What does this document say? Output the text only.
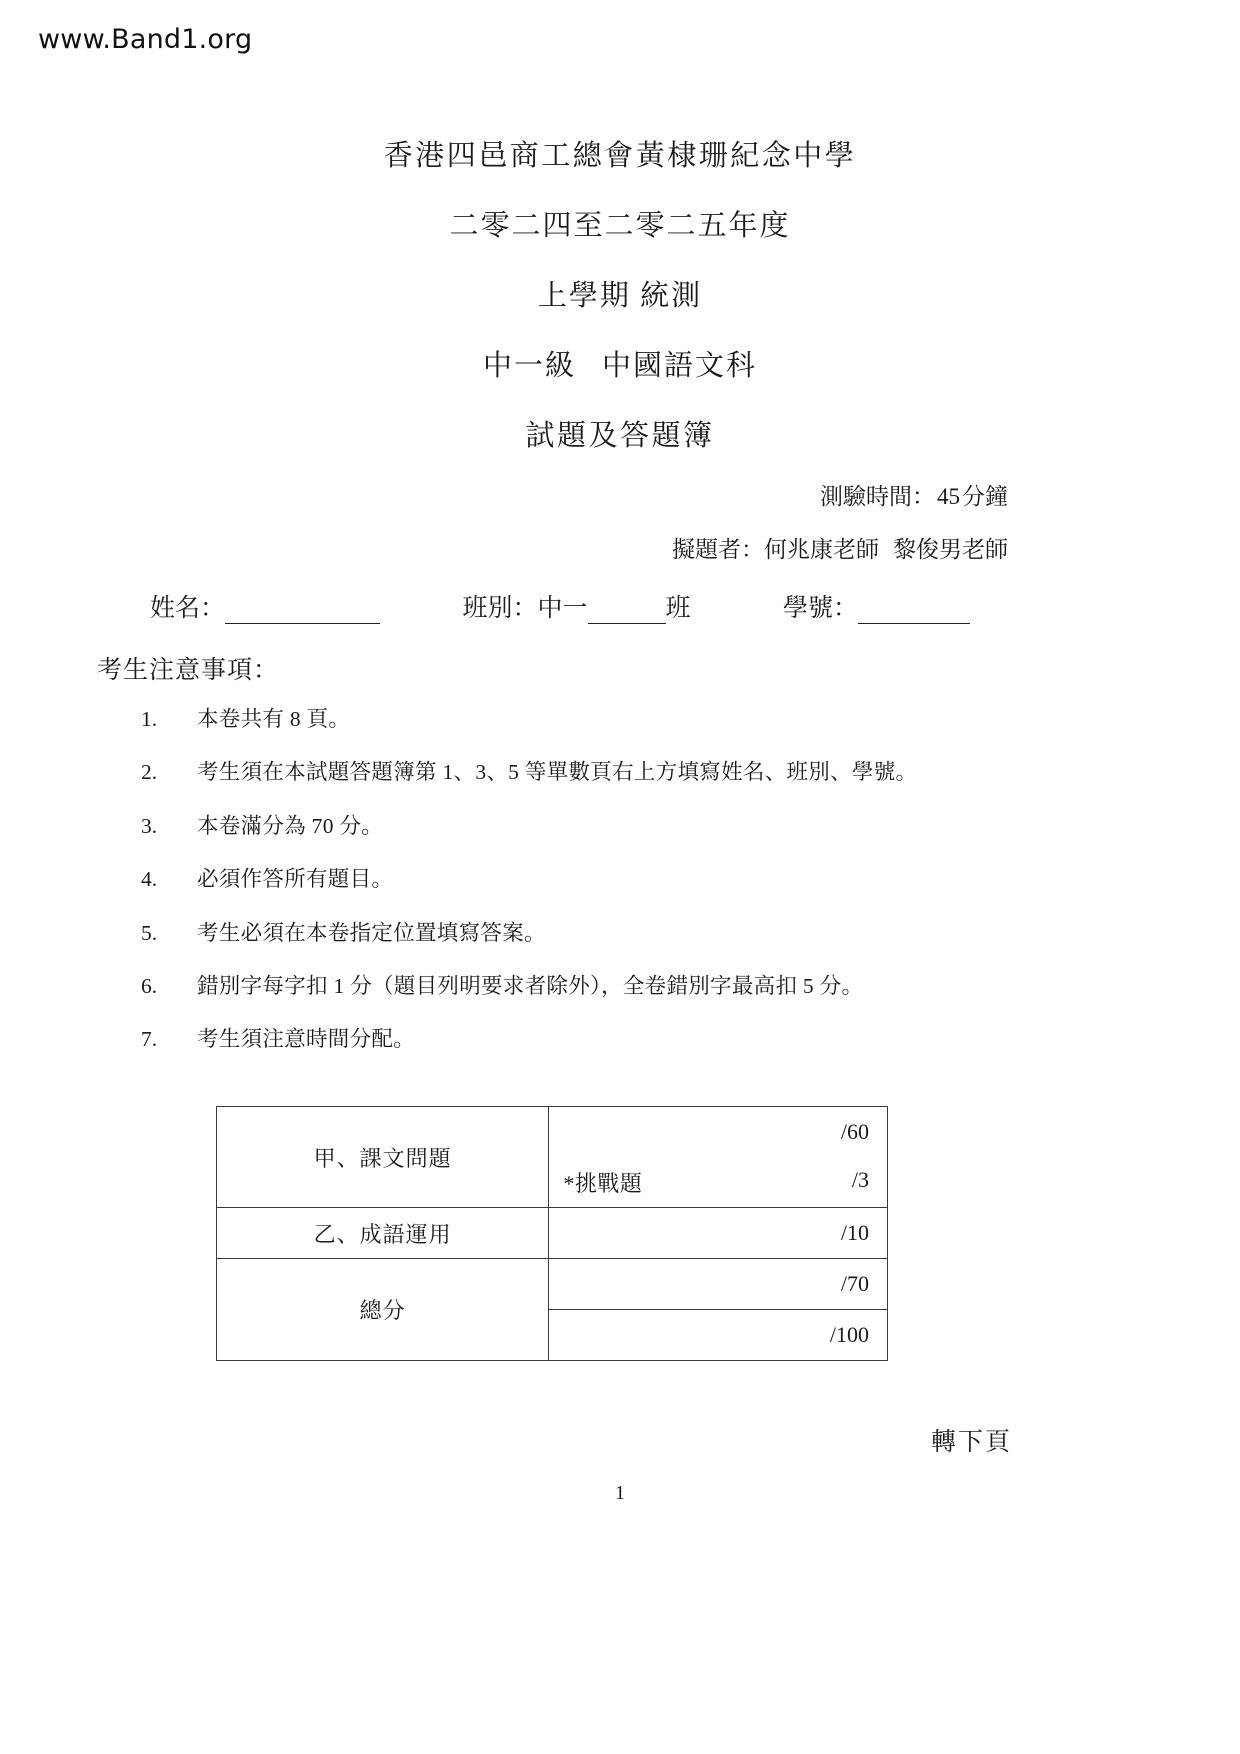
www.Band1.org
香港四邑商工總會黃棣珊紀念中學
二零二四至二零二五年度
上學期 統測
中一級 中國語文科
試題及答題簿
測驗時間：45分鐘
擬題者：何兆康老師 黎俊男老師
姓名：	班別：中一	班	學號：
考生注意事項：
1.	本卷共有 8 頁。
2.	考生須在本試題答題簿第 1、3、5 等單數頁右上方填寫姓名、班別、學號。
3.	本卷滿分為 70 分。
4.	必須作答所有題目。
5.	考生必須在本卷指定位置填寫答案。
6.	錯別字每字扣 1 分（題目列明要求者除外），全卷錯別字最高扣 5 分。
7.	考生須注意時間分配。
甲、課文問題	/60

	*挑戰題 /3

乙、成語運用	/10
總分	/70
	/100
轉下頁
1
